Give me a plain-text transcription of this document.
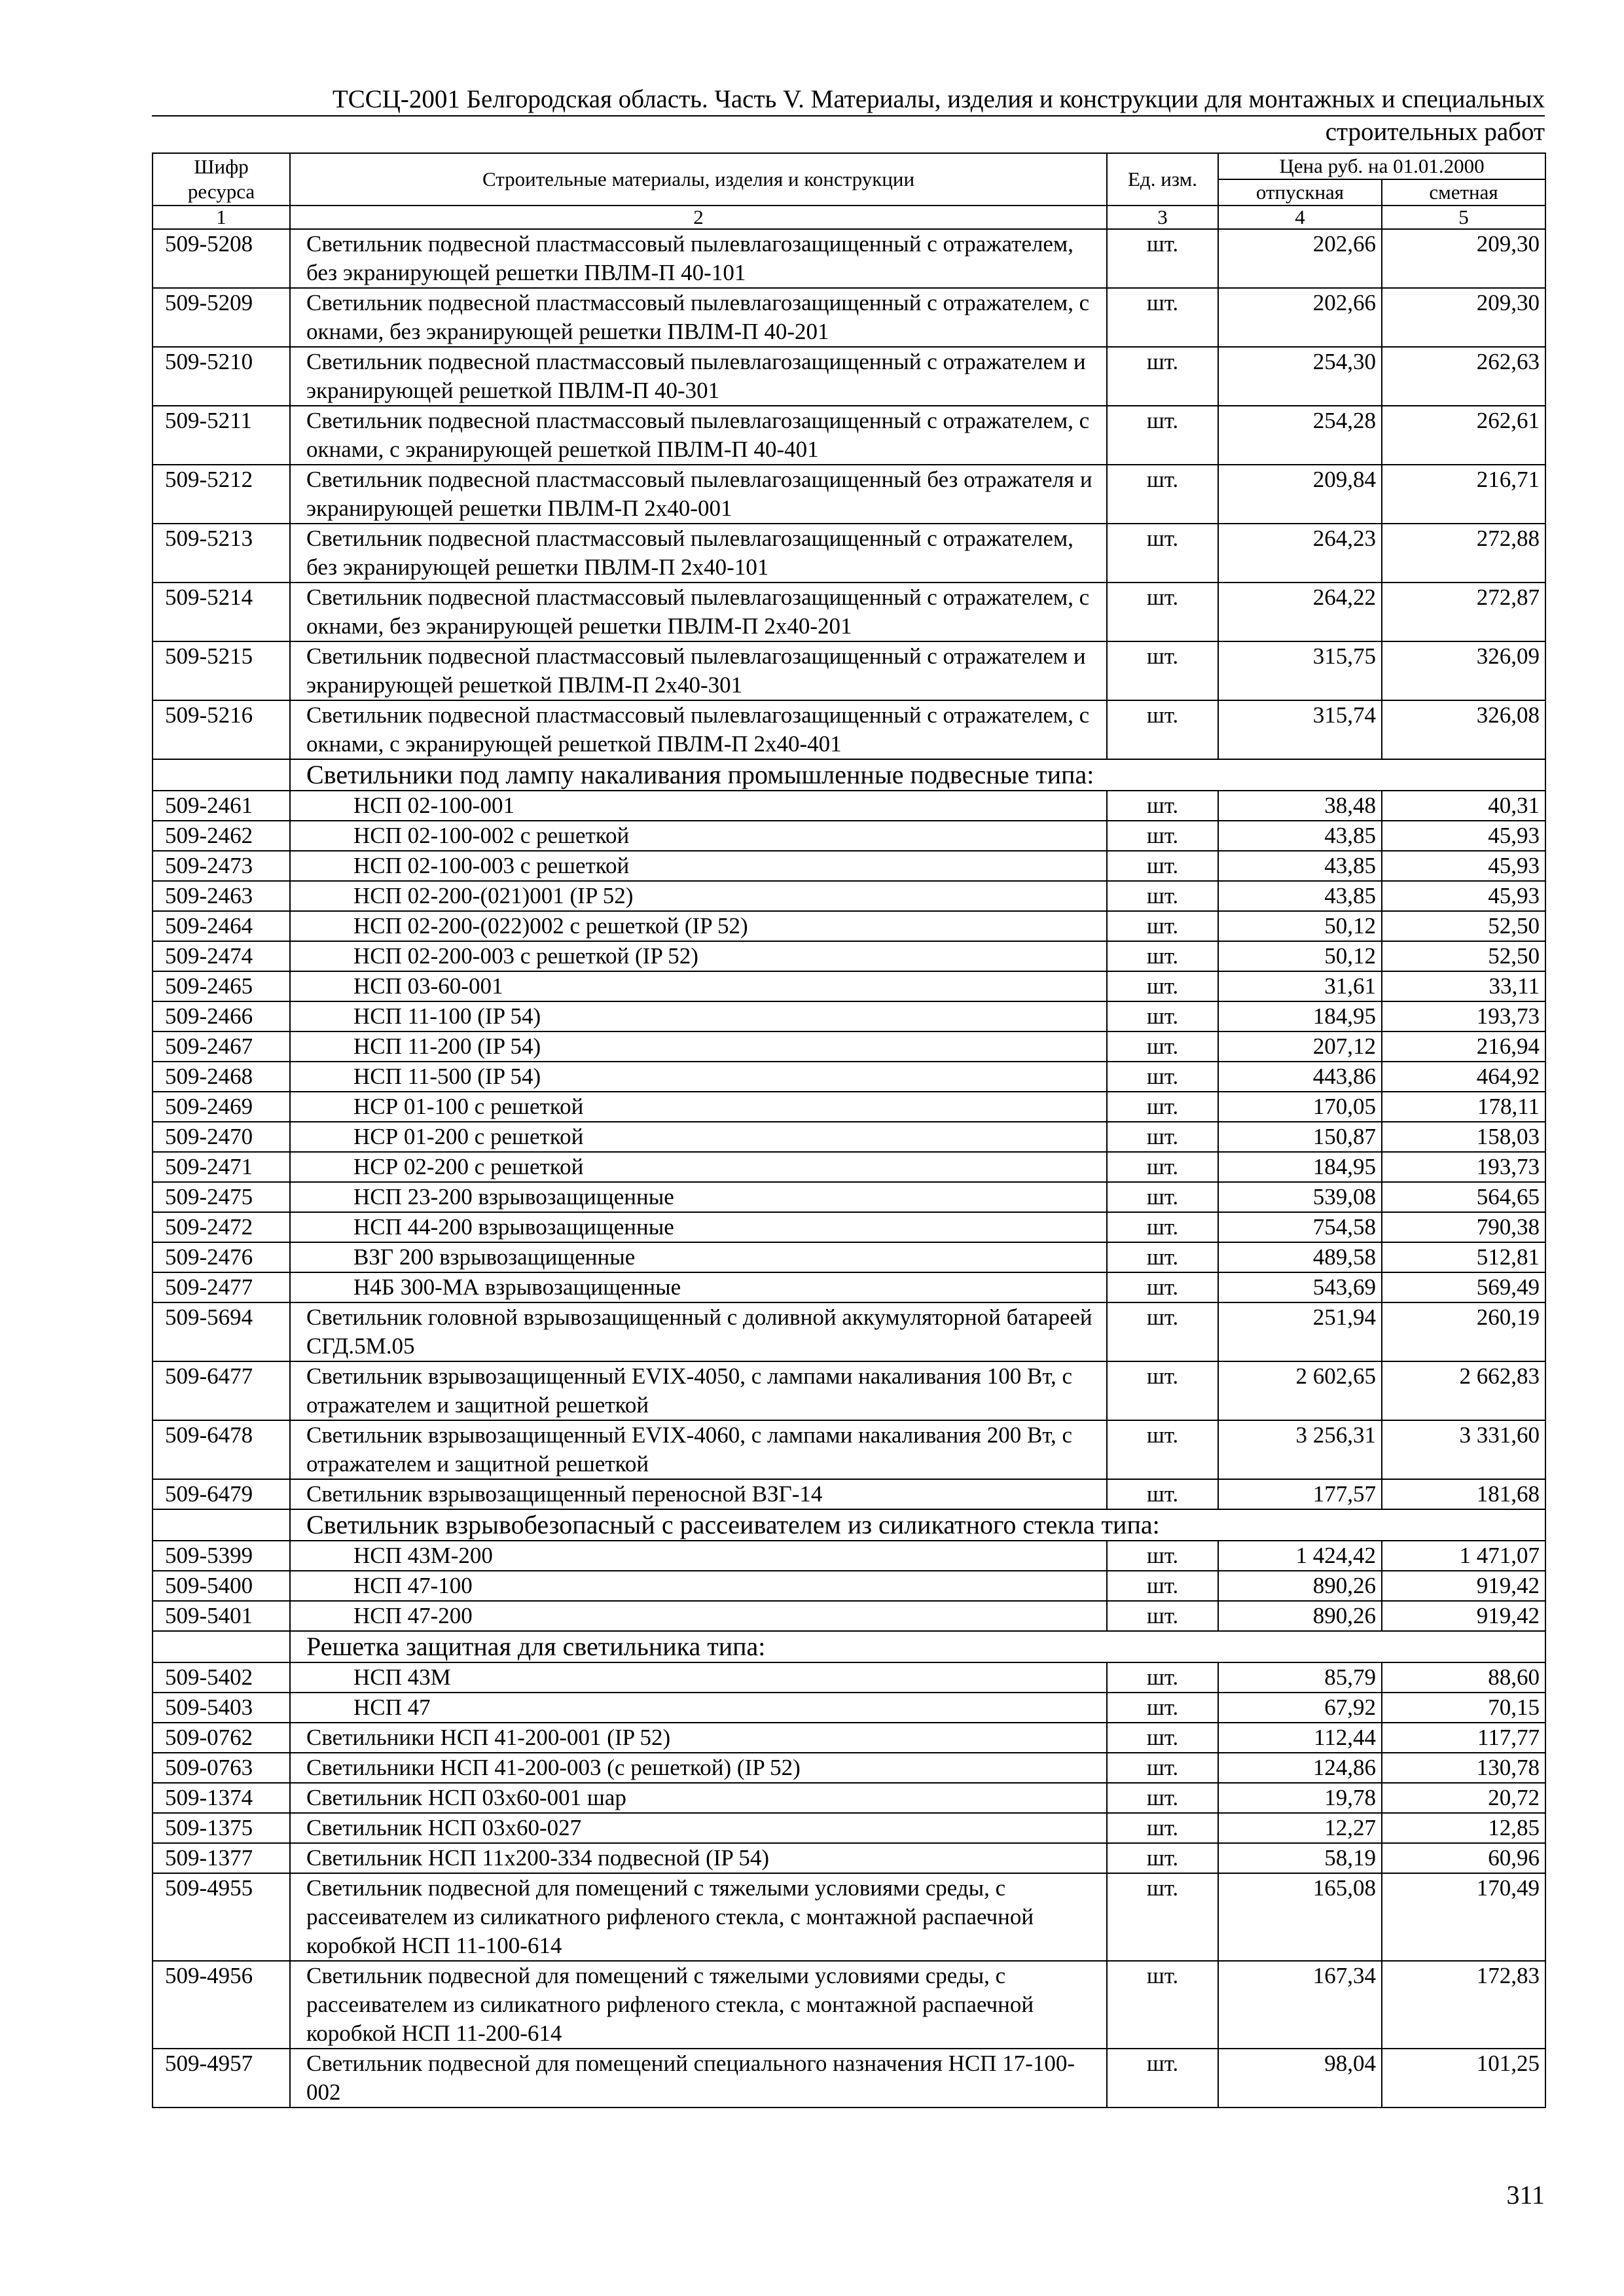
ТССЦ-2001 Белгородская область. Часть V. Материалы, изделия и конструкции для монтажных и специальных
строительных работ
Шифр ресурса	Строительные материалы, изделия и конструкции	Ед. изм.	Цена руб. на 01.01.2000	
			отпускная	сметная
1	2	3	4	5
509-5208	Светильник подвесной пластмассовый пылевлагозащищенный с отражателем, без экранирующей решетки ПВЛМ-П 40-101	шт.	202,66	209,30
509-5209	Светильник подвесной пластмассовый пылевлагозащищенный с отражателем, с окнами, без экранирующей решетки ПВЛМ-П 40-201	шт.	202,66	209,30
509-5210	Светильник подвесной пластмассовый пылевлагозащищенный с отражателем и экранирующей решеткой ПВЛМ-П 40-301	шт.	254,30	262,63
509-5211	Светильник подвесной пластмассовый пылевлагозащищенный с отражателем, с окнами, с экранирующей решеткой ПВЛМ-П 40-401	шт.	254,28	262,61
509-5212	Светильник подвесной пластмассовый пылевлагозащищенный без отражателя и экранирующей решетки ПВЛМ-П 2х40-001	шт.	209,84	216,71
509-5213	Светильник подвесной пластмассовый пылевлагозащищенный с отражателем, без экранирующей решетки ПВЛМ-П 2х40-101	шт.	264,23	272,88
509-5214	Светильник подвесной пластмассовый пылевлагозащищенный с отражателем, с окнами, без экранирующей решетки ПВЛМ-П 2х40-201	шт.	264,22	272,87
509-5215	Светильник подвесной пластмассовый пылевлагозащищенный с отражателем и экранирующей решеткой ПВЛМ-П 2х40-301	шт.	315,75	326,09
509-5216	Светильник подвесной пластмассовый пылевлагозащищенный с отражателем, с окнами, с экранирующей решеткой ПВЛМ-П 2х40-401	шт.	315,74	326,08
	Светильники под лампу накаливания промышленные подвесные типа:			
509-2461	НСП 02-100-001	шт.	38,48	40,31
509-2462	НСП 02-100-002 с решеткой	шт.	43,85	45,93
509-2473	НСП 02-100-003 с решеткой	шт.	43,85	45,93
509-2463	НСП 02-200-(021)001 (IP 52)	шт.	43,85	45,93
509-2464	НСП 02-200-(022)002 с решеткой (IP 52)	шт.	50,12	52,50
509-2474	НСП 02-200-003 с решеткой (IP 52)	шт.	50,12	52,50
509-2465	НСП 03-60-001	шт.	31,61	33,11
509-2466	НСП 11-100 (IP 54)	шт.	184,95	193,73
509-2467	НСП 11-200 (IP 54)	шт.	207,12	216,94
509-2468	НСП 11-500 (IP 54)	шт.	443,86	464,92
509-2469	НСР 01-100 с решеткой	шт.	170,05	178,11
509-2470	НСР 01-200 с решеткой	шт.	150,87	158,03
509-2471	НСР 02-200 с решеткой	шт.	184,95	193,73
509-2475	НСП 23-200 взрывозащищенные	шт.	539,08	564,65
509-2472	НСП 44-200 взрывозащищенные	шт.	754,58	790,38
509-2476	ВЗГ 200 взрывозащищенные	шт.	489,58	512,81
509-2477	Н4Б 300-МА взрывозащищенные	шт.	543,69	569,49
509-5694	Светильник головной взрывозащищенный с доливной аккумуляторной батареей СГД.5М.05	шт.	251,94	260,19
509-6477	Светильник взрывозащищенный EVIX-4050, с лампами накаливания 100 Вт, с отражателем и защитной решеткой	шт.	2 602,65	2 662,83
509-6478	Светильник взрывозащищенный EVIX-4060, с лампами накаливания 200 Вт, с отражателем и защитной решеткой	шт.	3 256,31	3 331,60
509-6479	Светильник взрывозащищенный переносной ВЗГ-14	шт.	177,57	181,68
	Светильник взрывобезопасный с рассеивателем из силикатного стекла типа:			
509-5399	НСП 43М-200	шт.	1 424,42	1 471,07
509-5400	НСП 47-100	шт.	890,26	919,42
509-5401	НСП 47-200	шт.	890,26	919,42
	Решетка защитная для светильника типа:			
509-5402	НСП 43М	шт.	85,79	88,60
509-5403	НСП 47	шт.	67,92	70,15
509-0762	Светильники НСП 41-200-001 (IP 52)	шт.	112,44	117,77
509-0763	Светильники НСП 41-200-003 (с решеткой) (IP 52)	шт.	124,86	130,78
509-1374	Светильник НСП 03х60-001 шар	шт.	19,78	20,72
509-1375	Светильник НСП 03х60-027	шт.	12,27	12,85
509-1377	Светильник НСП 11х200-334 подвесной (IP 54)	шт.	58,19	60,96
509-4955	Светильник подвесной для помещений с тяжелыми условиями среды, с рассеивателем из силикатного рифленого стекла, с монтажной распаечной коробкой НСП 11-100-614	шт.	165,08	170,49
509-4956	Светильник подвесной для помещений с тяжелыми условиями среды, с рассеивателем из силикатного рифленого стекла, с монтажной распаечной коробкой НСП 11-200-614	шт.	167,34	172,83
509-4957	Светильник подвесной для помещений специального назначения НСП 17-100-002	шт.	98,04	101,25
311
